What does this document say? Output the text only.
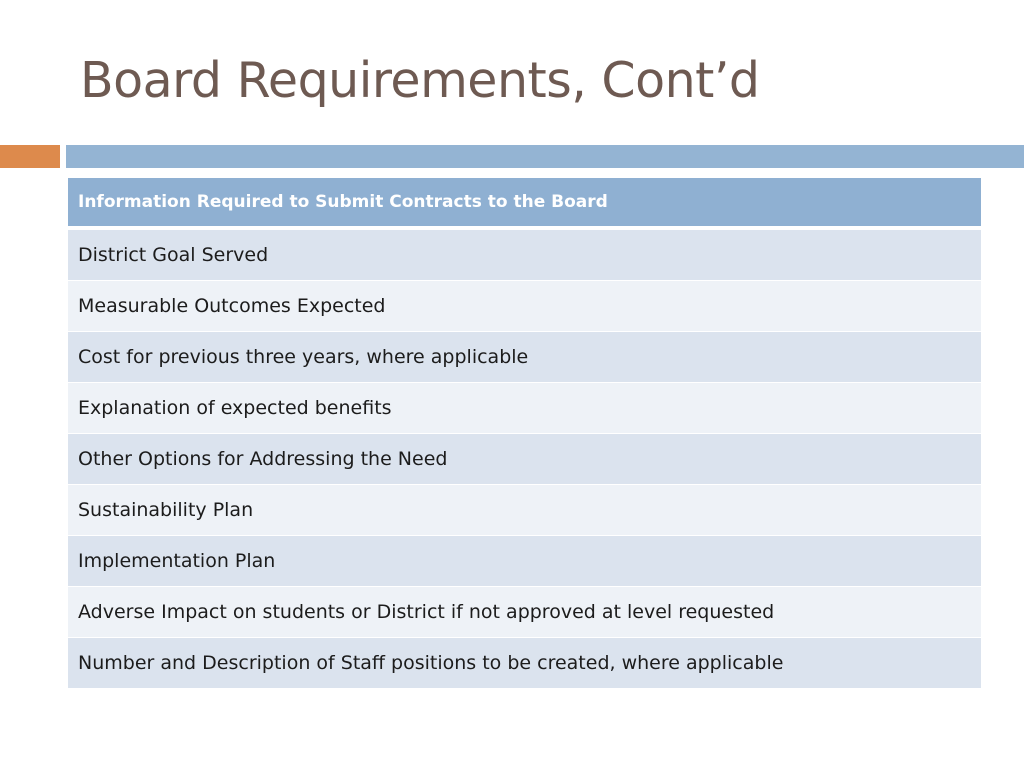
Board Requirements, Cont’d
Information Required to Submit Contracts to the Board
District Goal Served
Measurable Outcomes Expected
Cost for previous three years, where applicable
Explanation of expected benefits
Other Options for Addressing the Need
Sustainability Plan
Implementation Plan
Adverse Impact on students or District if not approved at level requested
Number and Description of Staff positions to be created, where applicable
